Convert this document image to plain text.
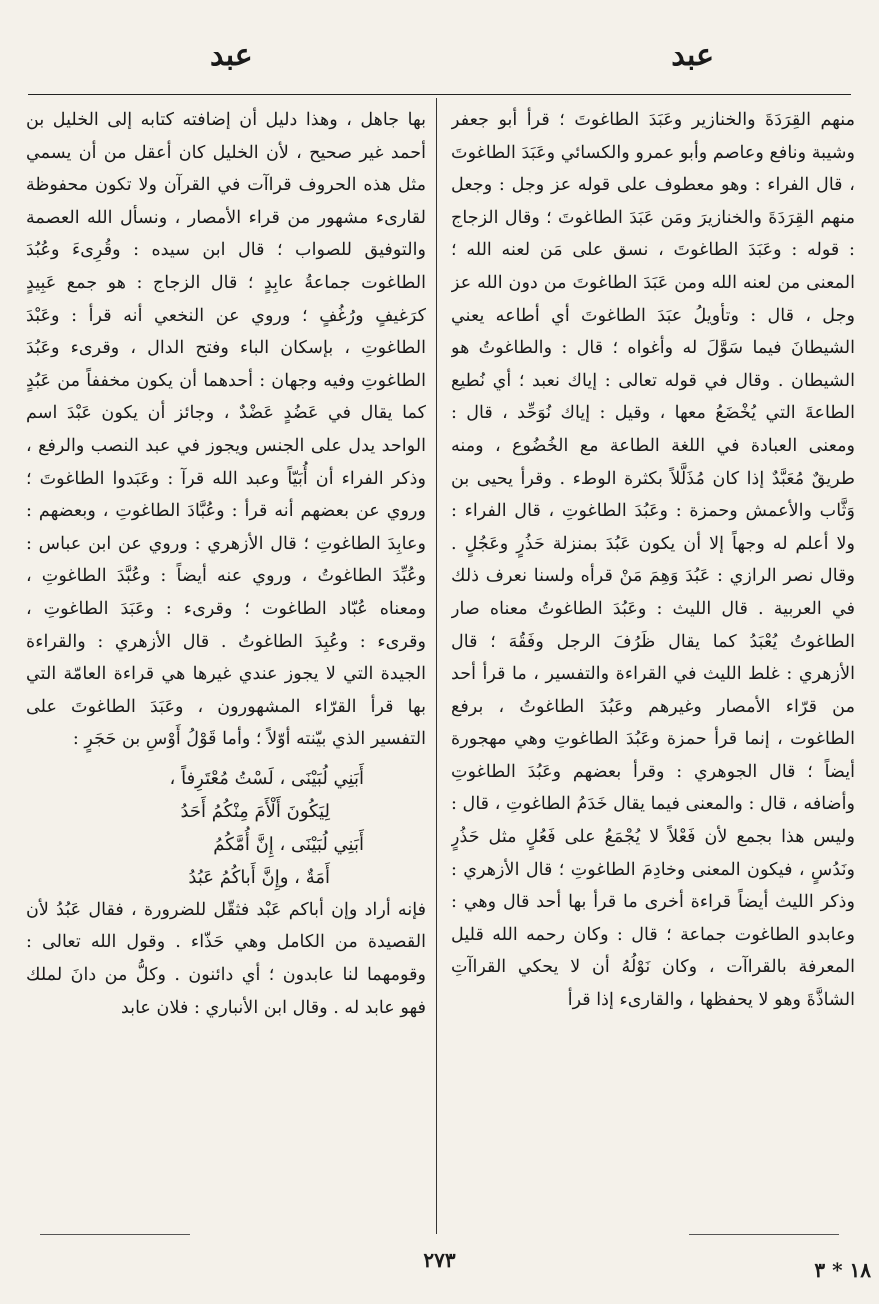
عبد
عبد

منهم القِرَدَةَ والخنازير وعَبَدَ الطاغوتَ ؛ قرأ أبو جعفر وشيبة ونافع وعاصم وأبو عمرو والكسائي وعَبَدَ الطاغوتَ ، قال الفراء : وهو معطوف على قوله عز وجل : وجعل منهم القِرَدَةَ والخنازيرَ ومَن عَبَدَ الطاغوتَ ؛ وقال الزجاج : قوله : وعَبَدَ الطاغوتَ ، نسق على مَن لعنه الله ؛ المعنى من لعنه الله ومن عَبَدَ الطاغوتَ من دون الله عز وجل ، قال : وتأويلُ عبَدَ الطاغوتَ أي أطاعه يعني الشيطانَ فيما سَوَّلَ له وأغواه ؛ قال : والطاغوتُ هو الشيطان . وقال في قوله تعالى : إياك نعبد ؛ أي نُطيع الطاعةَ التي يُخْضَعُ معها ، وقيل : إياك نُوَحِّد ، قال : ومعنى العبادة في اللغة الطاعة مع الخُضُوع ، ومنه طريقٌ مُعَبَّدٌ إذا كان مُذَلَّلاً بكثرة الوطء . وقرأ يحيى بن وَثَّاب والأعمش وحمزة : وعَبُدَ الطاغوتِ ، قال الفراء : ولا أعلم له وجهاً إلا أن يكون عَبُدَ بمنزلة حَذُرٍ وعَجُلٍ . وقال نصر الرازي : عَبُدَ وَهِمَ مَنْ قرأه ولسنا نعرف ذلك في العربية . قال الليث : وعَبُدَ الطاغوتُ معناه صار الطاغوتُ يُعْبَدُ كما يقال ظَرُفَ الرجل وفَقُهَ ؛ قال الأزهري : غلط الليث في القراءة والتفسير ، ما قرأ أحد من قرّاء الأمصار وغيرهم وعَبُدَ الطاغوتُ ، برفع الطاغوت ، إنما قرأ حمزة وعَبُدَ الطاغوتِ وهي مهجورة أيضاً ؛ قال الجوهري : وقرأ بعضهم وعَبُدَ الطاغوتِ وأضافه ، قال : والمعنى فيما يقال خَدَمُ الطاغوتِ ، قال : وليس هذا بجمع لأن فَعْلاً لا يُجْمَعُ على فَعُلٍ مثل حَذُرٍ ونَدُسٍ ، فيكون المعنى وخادِمَ الطاغوتِ ؛ قال الأزهري : وذكر الليث أيضاً قراءة أخرى ما قرأ بها أحد قال وهي : وعابدو الطاغوت جماعة ؛ قال : وكان رحمه الله قليل المعرفة بالقراآت ، وكان نَوْلُهُ أن لا يحكي القراآتِ الشاذَّةَ وهو لا يحفظها ، والقارىء إذا قرأ

بها جاهل ، وهذا دليل أن إضافته كتابه إلى الخليل بن أحمد غير صحيح ، لأن الخليل كان أعقل من أن يسمي مثل هذه الحروف قراآت في القرآن ولا تكون محفوظة لقارىء مشهور من قراء الأمصار ، ونسأل الله العصمة والتوفيق للصواب ؛ قال ابن سيده : وقُرِىءَ وعُبُدَ الطاغوت جماعةُ عابِدٍ ؛ قال الزجاج : هو جمع عَبِيدٍ كرَغيفٍ ورُغُفٍ ؛ وروي عن النخعي أنه قرأ : وعَبْدَ الطاغوتِ ، بإسكان الباء وفتح الدال ، وقرىء وعَبُدَ الطاغوتِ وفيه وجهان : أحدهما أن يكون مخففاً من عَبُدٍ كما يقال في عَضُدٍ عَضْدٌ ، وجائز أن يكون عَبْدَ اسم الواحد يدل على الجنس ويجوز في عبد النصب والرفع ، وذكر الفراء أن أُبَيّاً وعبد الله قرآ : وعَبَدوا الطاغوتَ ؛ وروي عن بعضهم أنه قرأ : وعُبَّادَ الطاغوتِ ، وبعضهم : وعابِدَ الطاغوتِ ؛ قال الأزهري : وروي عن ابن عباس : وعُبِّدَ الطاغوتُ ، وروي عنه أيضاً : وعُبَّدَ الطاغوتِ ، ومعناه عُبّاد الطاغوت ؛ وقرىء : وعَبَدَ الطاغوتِ ، وقرىء : وعُبِدَ الطاغوتُ . قال الأزهري : والقراءة الجيدة التي لا يجوز عندي غيرها هي قراءة العامّة التي بها قرأ القرّاء المشهورون ، وعَبَدَ الطاغوتَ على التفسير الذي بيّنته أوّلاً ؛ وأما قَوْلُ أَوْسِ بن حَجَرٍ :

أَبَنِي لُبَيْنَى ، لَسْتُ مُعْتَرِفاً ،
لِيَكُونَ أَلْأَمَ مِنْكُمُ أَحَدُ
أَبَنِي لُبَيْنَى ، إِنَّ أُمَّكُمُ
أَمَةٌ ، وإِنَّ أَباكُمُ عَبُدُ

فإنه أراد وإن أباكم عَبْد فثقّل للضرورة ، فقال عَبُدُ لأن القصيدة من الكامل وهي حَذّاء . وقول الله تعالى : وقومهما لنا عابدون ؛ أي دائنون . وكلُّ من دانَ لملك فهو عابد له . وقال ابن الأنباري : فلان عابد

٢٧٣	١٨ * ٣
